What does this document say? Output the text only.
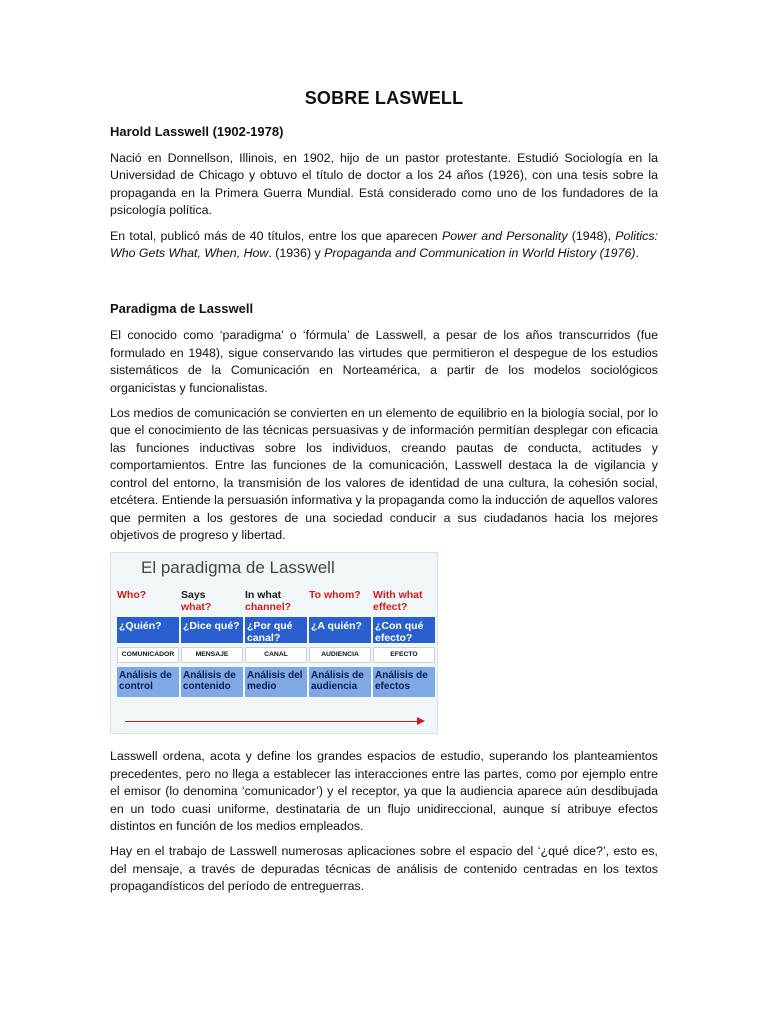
SOBRE LASWELL
Harold Lasswell (1902-1978)

Nació en Donnellson, Illinois, en 1902, hijo de un pastor protestante. Estudió Sociología en la Universidad de Chicago y obtuvo el título de doctor a los 24 años (1926), con una tesis sobre la propaganda en la Primera Guerra Mundial. Está considerado como uno de los fundadores de la psicología política.

En total, publicó más de 40 títulos, entre los que aparecen Power and Personality (1948), Politics: Who Gets What, When, How. (1936) y Propaganda and Communication in World History (1976).

Paradigma de Lasswell

El conocido como ‘paradigma’ o ‘fórmula’ de Lasswell, a pesar de los años transcurridos (fue formulado en 1948), sigue conservando las virtudes que permitieron el despegue de los estudios sistemáticos de la Comunicación en Norteamérica, a partir de los modelos sociológicos organicistas y funcionalistas.

Los medios de comunicación se convierten en un elemento de equilibrio en la biología social, por lo que el conocimiento de las técnicas persuasivas y de información permitían desplegar con eficacia las funciones inductivas sobre los individuos, creando pautas de conducta, actitudes y comportamientos. Entre las funciones de la comunicación, Lasswell destaca la de vigilancia y control del entorno, la transmisión de los valores de identidad de una cultura, la cohesión social, etcétera. Entiende la persuasión informativa y la propaganda como la inducción de aquellos valores que permiten a los gestores de una sociedad conducir a sus ciudadanos hacia los mejores objetivos de progreso y libertad.

El paradigma de Lasswell
Who?

¿Quién?
COMUNICADOR
Análisis de control
Says
what?
¿Dice qué?
MENSAJE
Análisis de contenido
In what
channel?
¿Por qué canal?
CANAL
Análisis del medio
To whom?

¿A quién?
AUDIENCIA
Análisis de audiencia
With what
effect?
¿Con qué efecto?
EFECTO
Análisis de efectos

Lasswell ordena, acota y define los grandes espacios de estudio, superando los planteamientos precedentes, pero no llega a establecer las interacciones entre las partes, como por ejemplo entre el emisor (lo denomina ‘comunicador’) y el receptor, ya que la audiencia aparece aún desdibujada en un todo cuasi uniforme, destinataria de un flujo unidireccional, aunque sí atribuye efectos distintos en función de los medios empleados.

Hay en el trabajo de Lasswell numerosas aplicaciones sobre el espacio del ‘¿qué dice?’, esto es, del mensaje, a través de depuradas técnicas de análisis de contenido centradas en los textos propagandísticos del período de entreguerras.
